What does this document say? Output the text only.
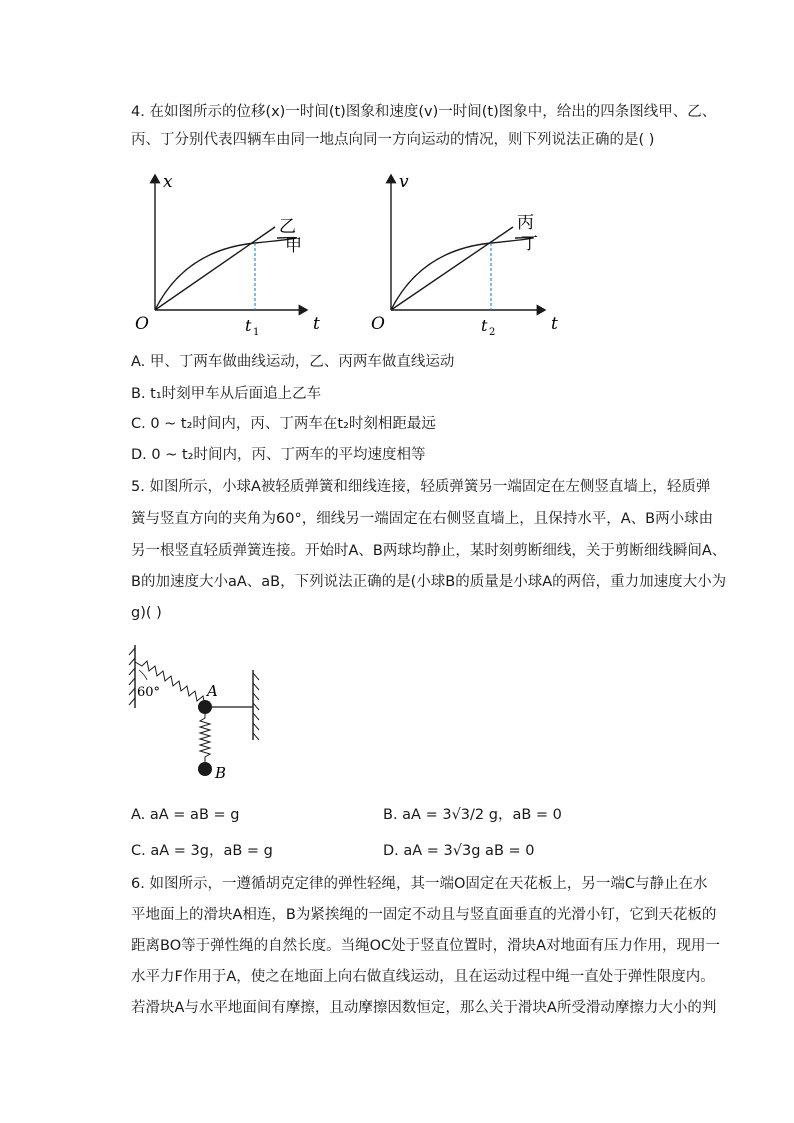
4. 在如图所示的位移(x)一时间(t)图象和速度(v)一时间(t)图象中，给出的四条图线甲、乙、
丙、丁分别代表四辆车由同一地点向同一方向运动的情况，则下列说法正确的是( )
x
t
O	t 1
乙
甲
v
t
O	t 2
丙
丁
A. 甲、丁两车做曲线运动，乙、丙两车做直线运动
B. t₁时刻甲车从后面追上乙车
C. 0 ~ t₂时间内，丙、丁两车在t₂时刻相距最远
D. 0 ~ t₂时间内，丙、丁两车的平均速度相等
5. 如图所示，小球A被轻质弹簧和细线连接，轻质弹簧另一端固定在左侧竖直墙上，轻质弹
簧与竖直方向的夹角为60°，细线另一端固定在右侧竖直墙上，且保持水平，A、B两小球由
另一根竖直轻质弹簧连接。开始时A、B两球均静止，某时刻剪断细线，关于剪断细线瞬间A、
B的加速度大小aA、aB，下列说法正确的是(小球B的质量是小球A的两倍，重力加速度大小为
g)( )
60°	A
B
A. aA = aB = g	B. aA = 3√3/2 g，aB = 0
C. aA = 3g，aB = g	D. aA = 3√3g aB = 0
6. 如图所示，一遵循胡克定律的弹性轻绳，其一端O固定在天花板上，另一端C与静止在水
平地面上的滑块A相连，B为紧挨绳的一固定不动且与竖直面垂直的光滑小钉，它到天花板的
距离BO等于弹性绳的自然长度。当绳OC处于竖直位置时，滑块A对地面有压力作用，现用一
水平力F作用于A，使之在地面上向右做直线运动，且在运动过程中绳一直处于弹性限度内。
若滑块A与水平地面间有摩擦，且动摩擦因数恒定，那么关于滑块A所受滑动摩擦力大小的判
